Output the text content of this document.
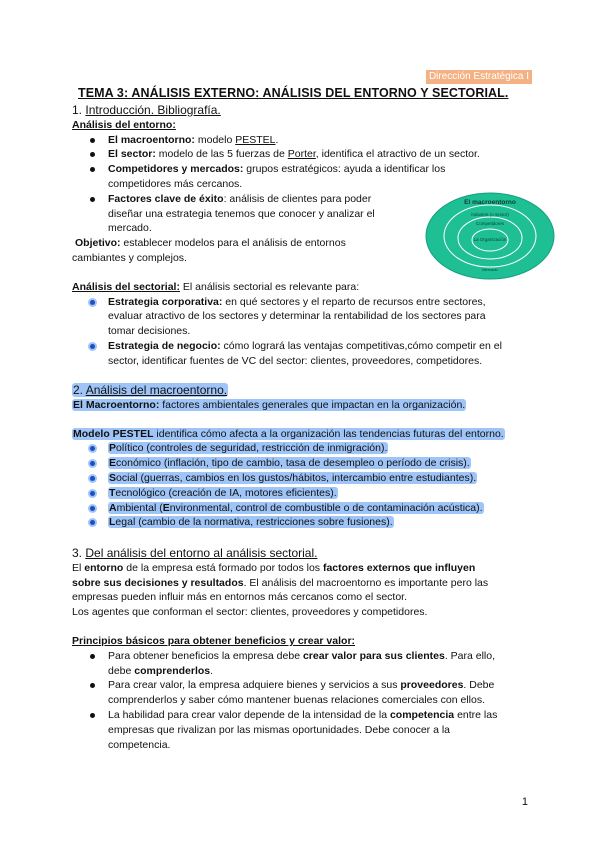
Dirección Estratégica I
TEMA 3: ANÁLISIS EXTERNO: ANÁLISIS DEL ENTORNO Y SECTORIAL.
1. Introducción. Bibliografía.
Análisis del entorno:
El macroentorno: modelo PESTEL.
El sector: modelo de las 5 fuerzas de Porter, identifica el atractivo de un sector.
Competidores y mercados: grupos estratégicos: ayuda a identificar los
competidores más cercanos.
Factores clave de éxito: análisis de clientes para poder
diseñar una estrategia tenemos que conocer y analizar el
mercado.
Objetivo: establecer modelos para el análisis de entornos
cambiantes y complejos.
Análisis del sectorial: El análisis sectorial es relevante para:
Estrategia corporativa: en qué sectores y el reparto de recursos entre sectores,
evaluar atractivo de los sectores y determinar la rentabilidad de los sectores para
tomar decisiones.
Estrategia de negocio: cómo logrará las ventajas competitivas,cómo competir en el
sector, identificar fuentes de VC del sector: clientes, proveedores, competidores.
El macroentorno
Industria (o sector)
Competidores
La Organización
Mercado
2. Análisis del macroentorno.
El Macroentorno: factores ambientales generales que impactan en la organización.
Modelo PESTEL identifica cómo afecta a la organización las tendencias futuras del entorno.
Político (controles de seguridad, restricción de inmigración).
Económico (inflación, tipo de cambio, tasa de desempleo o período de crisis).
Social (guerras, cambios en los gustos/hábitos, intercambio entre estudiantes).
Tecnológico (creación de IA, motores eficientes).
Ambiental (Environmental, control de combustible o de contaminación acústica).
Legal (cambio de la normativa, restricciones sobre fusiones).
3. Del análisis del entorno al análisis sectorial.
El entorno de la empresa está formado por todos los factores externos que influyen
sobre sus decisiones y resultados. El análisis del macroentorno es importante pero las
empresas pueden influir más en entornos más cercanos como el sector.
Los agentes que conforman el sector: clientes, proveedores y competidores.
Principios básicos para obtener beneficios y crear valor:
Para obtener beneficios la empresa debe crear valor para sus clientes. Para ello,
debe comprenderlos.
Para crear valor, la empresa adquiere bienes y servicios a sus proveedores. Debe
comprenderlos y saber cómo mantener buenas relaciones comerciales con ellos.
La habilidad para crear valor depende de la intensidad de la competencia entre las
empresas que rivalizan por las mismas oportunidades. Debe conocer a la
competencia.
1
